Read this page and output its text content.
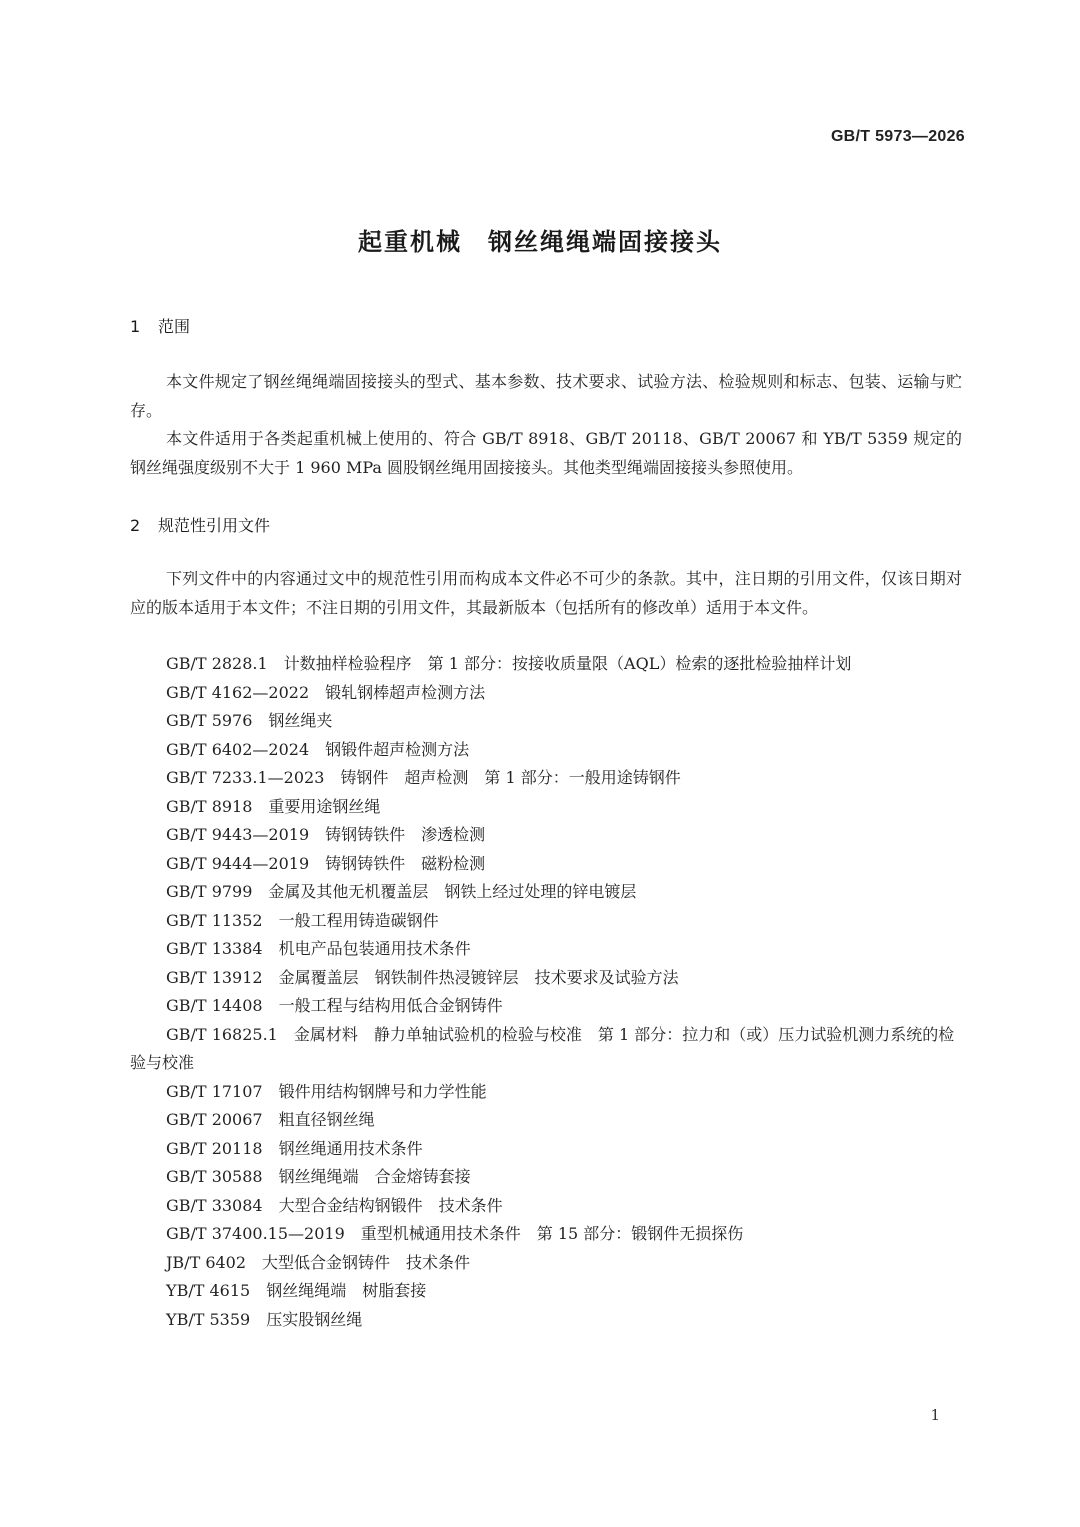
GB/T 5973—2026
起重机械　钢丝绳绳端固接接头
1 范围

本文件规定了钢丝绳绳端固接接头的型式、基本参数、技术要求、试验方法、检验规则和标志、包装、运输与贮存。

本文件适用于各类起重机械上使用的、符合 GB/T 8918、GB/T 20118、GB/T 20067 和 YB/T 5359 规定的钢丝绳强度级别不大于 1 960 MPa 圆股钢丝绳用固接接头。其他类型绳端固接接头参照使用。

2 规范性引用文件

下列文件中的内容通过文中的规范性引用而构成本文件必不可少的条款。其中，注日期的引用文件，仅该日期对应的版本适用于本文件；不注日期的引用文件，其最新版本（包括所有的修改单）适用于本文件。

GB/T 2828.1 计数抽样检验程序　第 1 部分：按接收质量限（AQL）检索的逐批检验抽样计划
GB/T 4162—2022 锻轧钢棒超声检测方法
GB/T 5976 钢丝绳夹
GB/T 6402—2024 钢锻件超声检测方法
GB/T 7233.1—2023 铸钢件　超声检测　第 1 部分：一般用途铸钢件
GB/T 8918 重要用途钢丝绳
GB/T 9443—2019 铸钢铸铁件　渗透检测
GB/T 9444—2019 铸钢铸铁件　磁粉检测
GB/T 9799 金属及其他无机覆盖层　钢铁上经过处理的锌电镀层
GB/T 11352 一般工程用铸造碳钢件
GB/T 13384 机电产品包装通用技术条件
GB/T 13912 金属覆盖层　钢铁制件热浸镀锌层　技术要求及试验方法
GB/T 14408 一般工程与结构用低合金钢铸件
GB/T 16825.1 金属材料　静力单轴试验机的检验与校准　第 1 部分：拉力和（或）压力试验机测力系统的检验与校准
GB/T 17107 锻件用结构钢牌号和力学性能
GB/T 20067 粗直径钢丝绳
GB/T 20118 钢丝绳通用技术条件
GB/T 30588 钢丝绳绳端　合金熔铸套接
GB/T 33084 大型合金结构钢锻件　技术条件
GB/T 37400.15—2019 重型机械通用技术条件　第 15 部分：锻钢件无损探伤
JB/T 6402 大型低合金钢铸件　技术条件
YB/T 4615 钢丝绳绳端　树脂套接
YB/T 5359 压实股钢丝绳
1
